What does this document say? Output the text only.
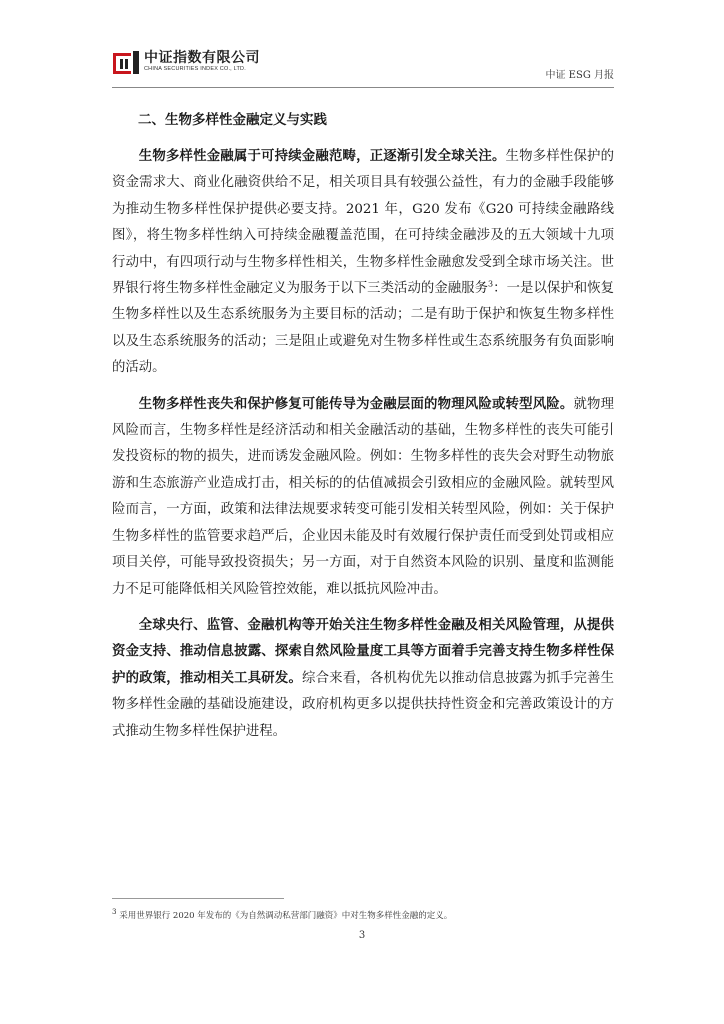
中证指数有限公司
CHINA SECURITIES INDEX CO., LTD.
中证 ESG 月报
二、生物多样性金融定义与实践

生物多样性金融属于可持续金融范畴，正逐渐引发全球关注。生物多样性保护的资金需求大、商业化融资供给不足，相关项目具有较强公益性，有力的金融手段能够为推动生物多样性保护提供必要支持。2021 年，G20 发布《G20 可持续金融路线图》，将生物多样性纳入可持续金融覆盖范围，在可持续金融涉及的五大领域十九项行动中，有四项行动与生物多样性相关，生物多样性金融愈发受到全球市场关注。世界银行将生物多样性金融定义为服务于以下三类活动的金融服务$^3$：一是以保护和恢复生物多样性以及生态系统服务为主要目标的活动；二是有助于保护和恢复生物多样性以及生态系统服务的活动；三是阻止或避免对生物多样性或生态系统服务有负面影响的活动。

生物多样性丧失和保护修复可能传导为金融层面的物理风险或转型风险。就物理风险而言，生物多样性是经济活动和相关金融活动的基础，生物多样性的丧失可能引发投资标的物的损失，进而诱发金融风险。例如：生物多样性的丧失会对野生动物旅游和生态旅游产业造成打击，相关标的的估值减损会引致相应的金融风险。就转型风险而言，一方面，政策和法律法规要求转变可能引发相关转型风险，例如：关于保护生物多样性的监管要求趋严后，企业因未能及时有效履行保护责任而受到处罚或相应项目关停，可能导致投资损失；另一方面，对于自然资本风险的识别、量度和监测能力不足可能降低相关风险管控效能，难以抵抗风险冲击。

全球央行、监管、金融机构等开始关注生物多样性金融及相关风险管理，从提供资金支持、推动信息披露、探索自然风险量度工具等方面着手完善支持生物多样性保护的政策，推动相关工具研发。综合来看，各机构优先以推动信息披露为抓手完善生物多样性金融的基础设施建设，政府机构更多以提供扶持性资金和完善政策设计的方式推动生物多样性保护进程。

$^3$ 采用世界银行 2020 年发布的《为自然调动私营部门融资》中对生物多样性金融的定义。
3
